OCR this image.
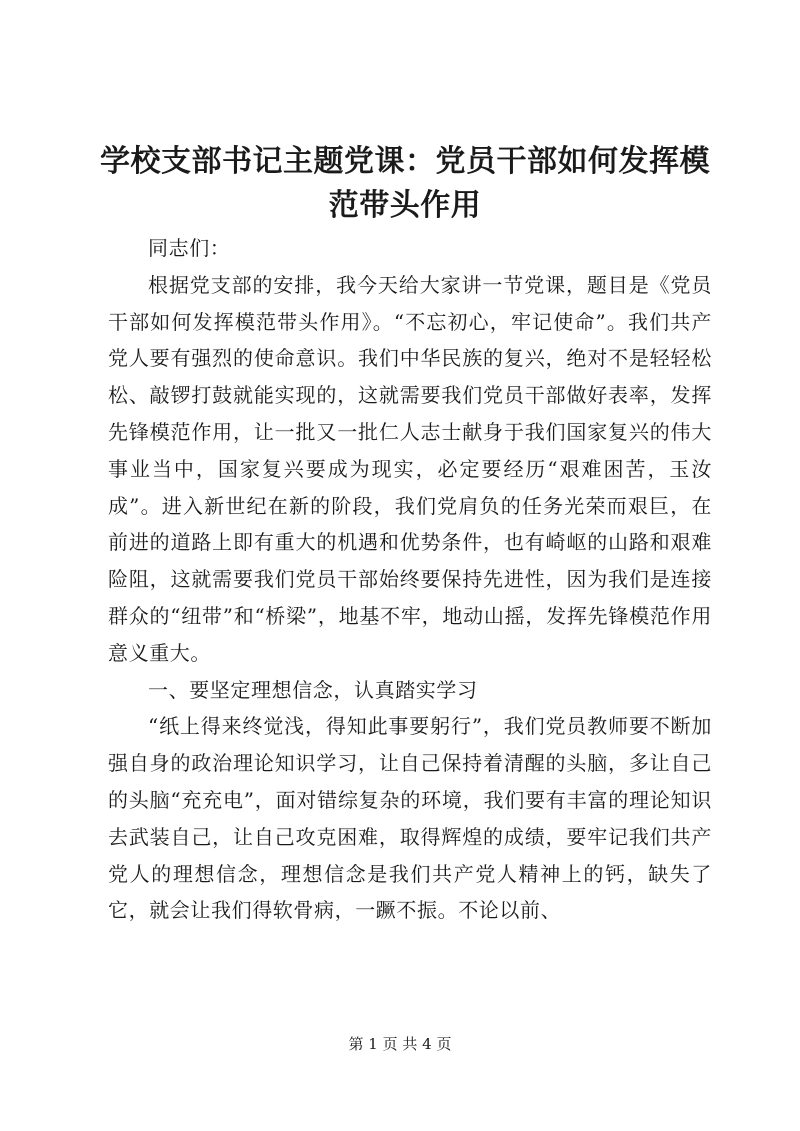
学校支部书记主题党课：党员干部如何发挥模
范带头作用

同志们：

根据党支部的安排，我今天给大家讲一节党课，题目是《党员干部如何发挥模范带头作用》。“不忘初心，牢记使命”。我们共产党人要有强烈的使命意识。我们中华民族的复兴，绝对不是轻轻松松、敲锣打鼓就能实现的，这就需要我们党员干部做好表率，发挥先锋模范作用，让一批又一批仁人志士献身于我们国家复兴的伟大事业当中，国家复兴要成为现实，必定要经历“艰难困苦，玉汝成”。进入新世纪在新的阶段，我们党肩负的任务光荣而艰巨，在前进的道路上即有重大的机遇和优势条件，也有崎岖的山路和艰难险阻，这就需要我们党员干部始终要保持先进性，因为我们是连接群众的“纽带”和“桥梁”，地基不牢，地动山摇，发挥先锋模范作用意义重大。

一、要坚定理想信念，认真踏实学习

“纸上得来终觉浅，得知此事要躬行”，我们党员教师要不断加强自身的政治理论知识学习，让自己保持着清醒的头脑，多让自己的头脑“充充电”，面对错综复杂的环境，我们要有丰富的理论知识去武装自己，让自己攻克困难，取得辉煌的成绩，要牢记我们共产党人的理想信念，理想信念是我们共产党人精神上的钙，缺失了它，就会让我们得软骨病，一蹶不振。不论以前、

第 1 页 共 4 页
